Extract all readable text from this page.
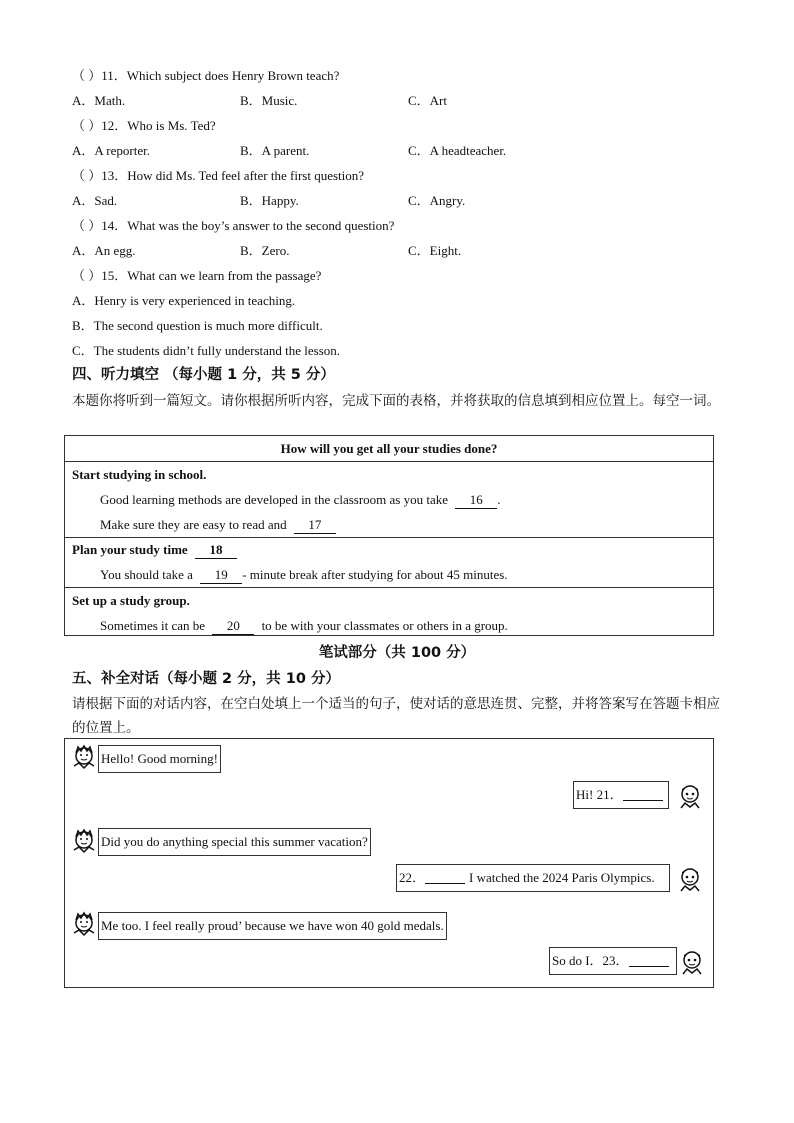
（ ）11．Which subject does Henry Brown teach?
A．Math.	B．Music.	C．Art
（ ）12．Who is Ms. Ted?
A．A reporter.	B．A parent.	C．A headteacher.
（ ）13．How did Ms. Ted feel after the first question?
A．Sad.	B．Happy.	C．Angry.
（ ）14．What was the boy’s answer to the second question?
A．An egg.	B．Zero.	C．Eight.
（ ）15．What can we learn from the passage?
A．Henry is very experienced in teaching.
B．The second question is much more difficult.
C．The students didn’t fully understand the lesson.
四、听力填空 （每小题 1 分，共 5 分）
本题你将听到一篇短文。请你根据所听内容，完成下面的表格，并将获取的信息填到相应位置上。每空一词。
How will you get all your studies done?
Start studying in school.
Good learning methods are developed in the classroom as you take 16 .
Make sure they are easy to read and 17
Plan your study time 18
You should take a 19 - minute break after studying for about 45 minutes.
Set up a study group.
Sometimes it can be 20 to be with your classmates or others in a group.
笔试部分（共 100 分）
五、补全对话（每小题 2 分，共 10 分）
请根据下面的对话内容，在空白处填上一个适当的句子，使对话的意思连贯、完整，并将答案写在答题卡相应的位置上。
Hello! Good morning!
Hi! 21．
Did you do anything special this summer vacation?
22．	I watched the 2024 Paris Olympics.
Me too. I feel really proud’ because we have won 40 gold medals.
So do I．23．
